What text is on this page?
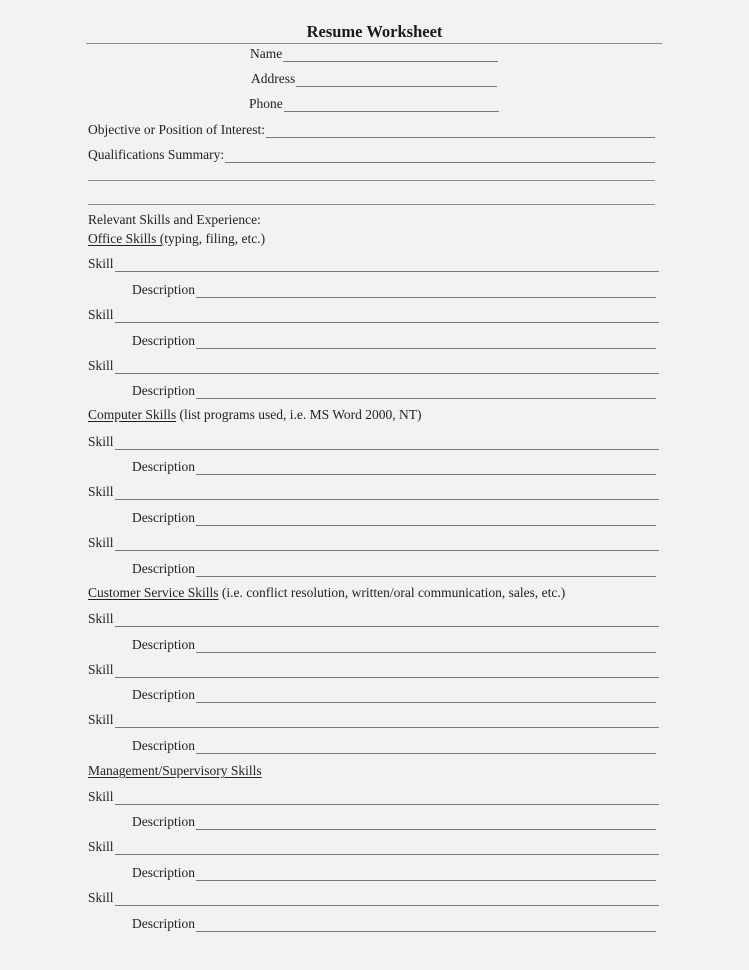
Resume Worksheet
Name
Address
Phone
Objective or Position of Interest:
Qualifications Summary:
Relevant Skills and Experience:
Office Skills (typing, filing, etc.)
Skill
Description
Skill
Description
Skill
Description
Computer Skills (list programs used, i.e. MS Word 2000, NT)
Skill
Description
Skill
Description
Skill
Description
Customer Service Skills (i.e. conflict resolution, written/oral communication, sales, etc.)
Skill
Description
Skill
Description
Skill
Description
Management/Supervisory Skills
Skill
Description
Skill
Description
Skill
Description
